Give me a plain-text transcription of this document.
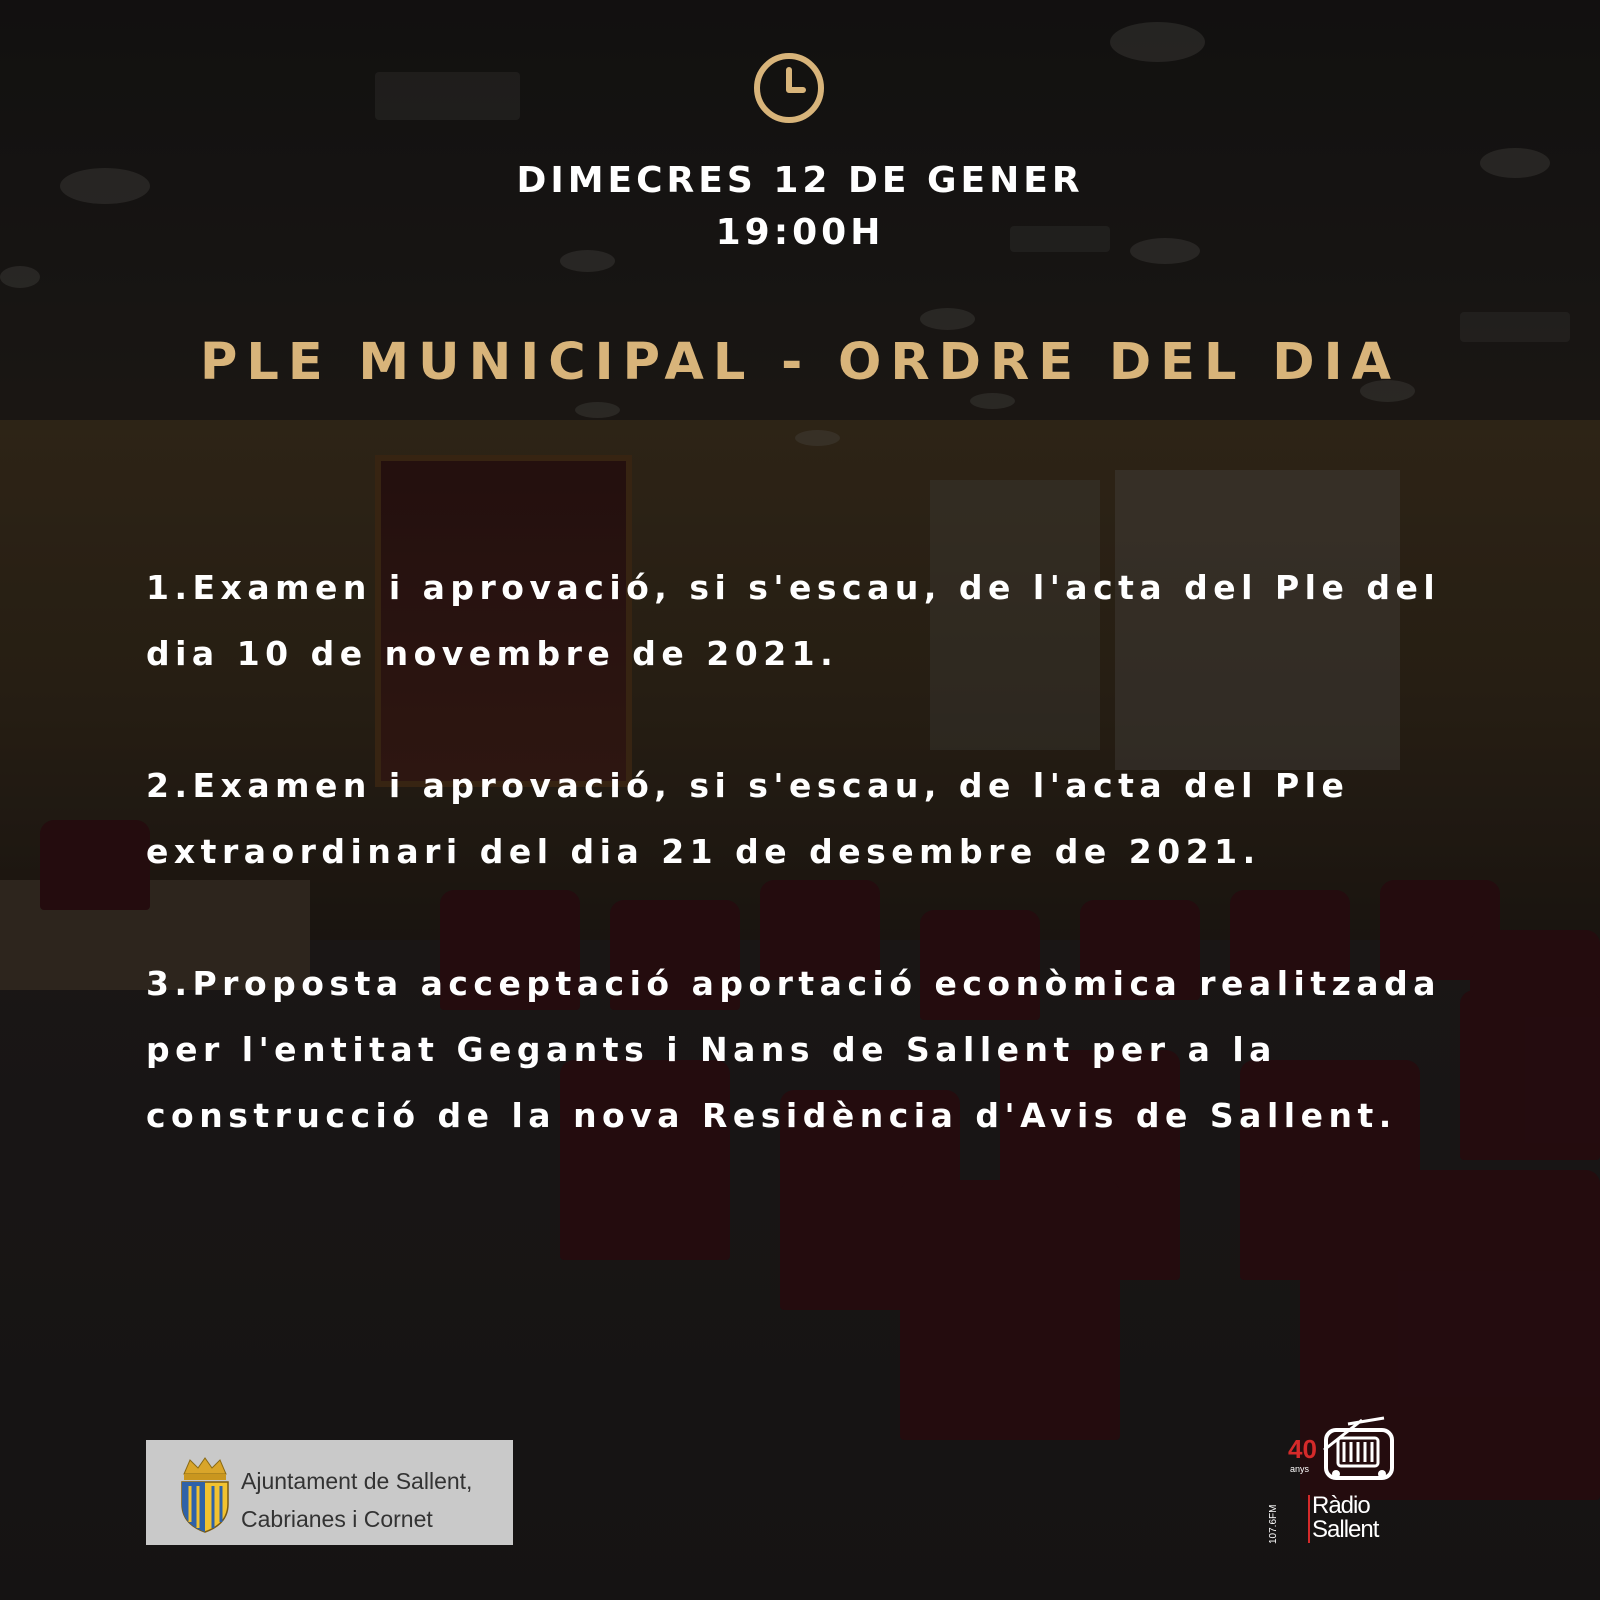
DIMECRES 12 DE GENER
19:00H
PLE MUNICIPAL - ORDRE DEL DIA
1.Examen i aprovació, si s'escau, de l'acta del Ple del dia 10 de novembre de 2021.
2.Examen i aprovació, si s'escau, de l'acta del Ple extraordinari del dia 21 de desembre de 2021.
3.Proposta acceptació aportació econòmica realitzada per l'entitat Gegants i Nans de Sallent per a la construcció de la nova Residència d'Avis de Sallent.
Ajuntament de Sallent,
Cabrianes i Cornet
40
anys
107.6FM Ràdio
Sallent
